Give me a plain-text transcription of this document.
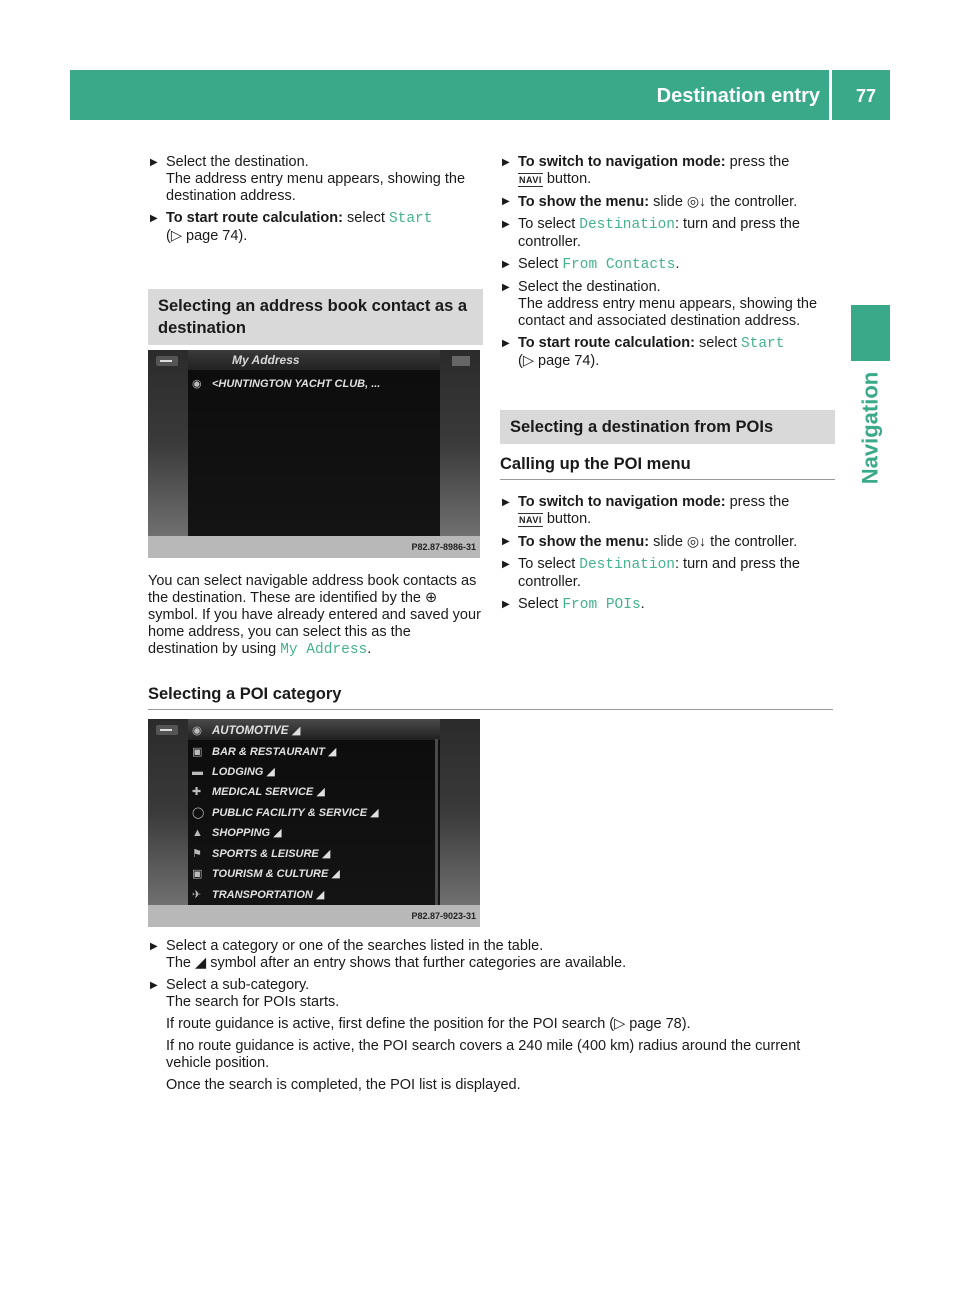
Destination entry 77
Navigation
▶ Select the destination.
The address entry menu appears, showing the destination address.
▶ To start route calculation: select Start
(▷ page 74).
Selecting an address book contact as a destination
My Address
◉ <HUNTINGTON YACHT CLUB, ...
P82.87-8986-31
You can select navigable address book contacts as the destination. These are identified by the ⊕ symbol. If you have already entered and saved your home address, you can select this as the destination by using My Address.
▶ To switch to navigation mode: press the
NAVI button.
▶ To show the menu: slide ◎↓ the controller.
▶ To select Destination: turn and press the controller.
▶ Select From Contacts.
▶ Select the destination.
The address entry menu appears, showing the contact and associated destination address.
▶ To start route calculation: select Start
(▷ page 74).
Selecting a destination from POIs
Calling up the POI menu
▶ To switch to navigation mode: press the
NAVI button.
▶ To show the menu: slide ◎↓ the controller.
▶ To select Destination: turn and press the controller.
▶ Select From POIs.
Selecting a POI category
◉ AUTOMOTIVE ◢
▣ BAR & RESTAURANT ◢
▬ LODGING ◢
✚ MEDICAL SERVICE ◢
◯ PUBLIC FACILITY & SERVICE ◢
▲ SHOPPING ◢
⚑ SPORTS & LEISURE ◢
▣ TOURISM & CULTURE ◢
✈ TRANSPORTATION ◢
P82.87-9023-31
▶ Select a category or one of the searches listed in the table.
The ◢ symbol after an entry shows that further categories are available.
▶ Select a sub-category.
The search for POIs starts.
If route guidance is active, first define the position for the POI search (▷ page 78).
If no route guidance is active, the POI search covers a 240 mile (400 km) radius around the current vehicle position.
Once the search is completed, the POI list is displayed.
